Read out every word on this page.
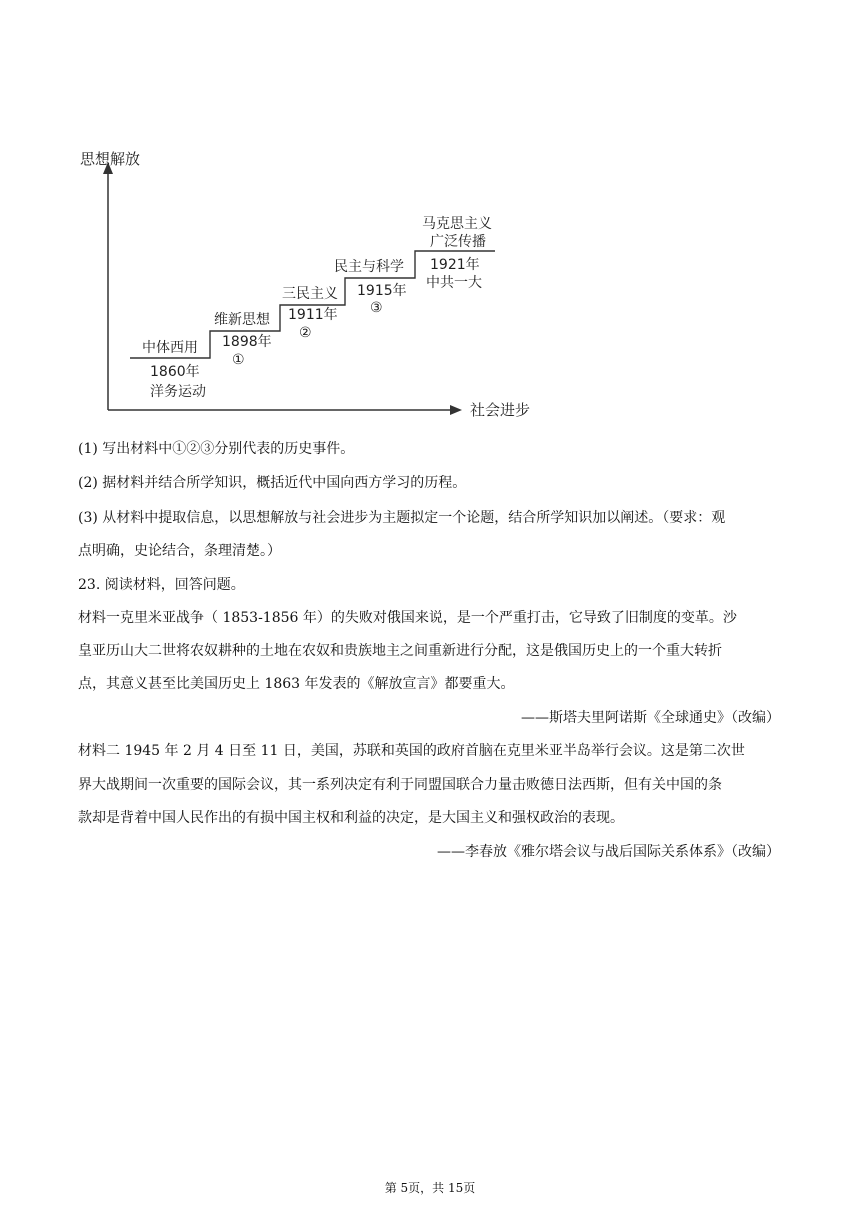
思想解放
社会进步
中体西用
1860年
洋务运动
维新思想
1898年
①
三民主义
1911年
②
民主与科学
1915年
③
马克思主义
广泛传播
1921年
中共一大
(1) 写出材料中①②③分别代表的历史事件。
(2) 据材料并结合所学知识，概括近代中国向西方学习的历程。
(3) 从材料中提取信息，以思想解放与社会进步为主题拟定一个论题，结合所学知识加以阐述。（要求：观
点明确，史论结合，条理清楚。）
23. 阅读材料，回答问题。
材料一克里米亚战争（ 1853-1856 年）的失败对俄国来说，是一个严重打击，它导致了旧制度的变革。沙
皇亚历山大二世将农奴耕种的土地在农奴和贵族地主之间重新进行分配，这是俄国历史上的一个重大转折
点，其意义甚至比美国历史上 1863 年发表的《解放宣言》都要重大。
——斯塔夫里阿诺斯《全球通史》（改编）
材料二 1945 年 2 月 4 日至 11 日，美国，苏联和英国的政府首脑在克里米亚半岛举行会议。这是第二次世
界大战期间一次重要的国际会议，其一系列决定有利于同盟国联合力量击败德日法西斯，但有关中国的条
款却是背着中国人民作出的有损中国主权和利益的决定，是大国主义和强权政治的表现。
——李春放《雅尔塔会议与战后国际关系体系》（改编）
第 5页，共 15页
